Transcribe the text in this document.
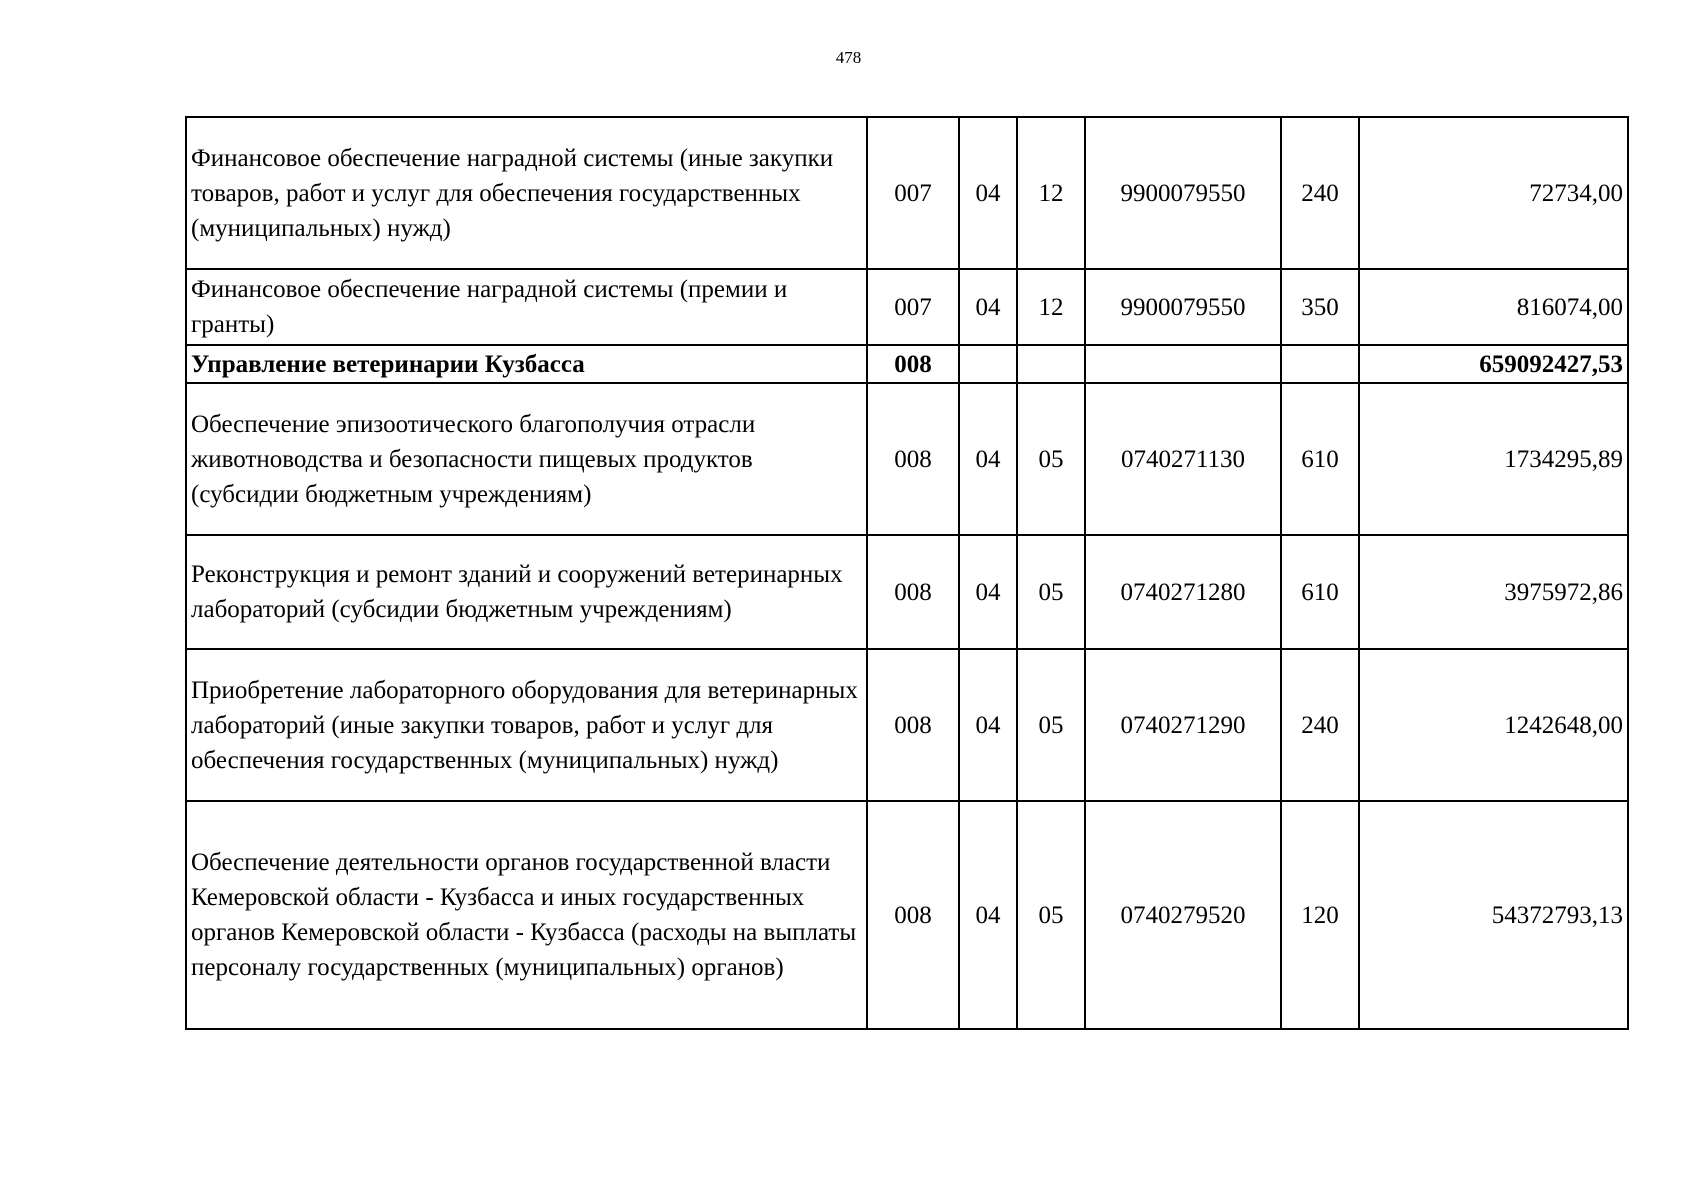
478
Финансовое обеспечение наградной системы (иные закупки товаров, работ и услуг для обеспечения государственных (муниципальных) нужд)	007	04	12	9900079550	240	72734,00
Финансовое обеспечение наградной системы (премии и гранты)	007	04	12	9900079550	350	816074,00
Управление ветеринарии Кузбасса	008					659092427,53
Обеспечение эпизоотического благополучия отрасли животноводства и безопасности пищевых продуктов (субсидии бюджетным учреждениям)	008	04	05	0740271130	610	1734295,89
Реконструкция и ремонт зданий и сооружений ветеринарных лабораторий (субсидии бюджетным учреждениям)	008	04	05	0740271280	610	3975972,86
Приобретение лабораторного оборудования для ветеринарных лабораторий (иные закупки товаров, работ и услуг для обеспечения государственных (муниципальных) нужд)	008	04	05	0740271290	240	1242648,00
Обеспечение деятельности органов государственной власти Кемеровской области - Кузбасса и иных государственных органов Кемеровской области - Кузбасса (расходы на выплаты персоналу государственных (муниципальных) органов)	008	04	05	0740279520	120	54372793,13
